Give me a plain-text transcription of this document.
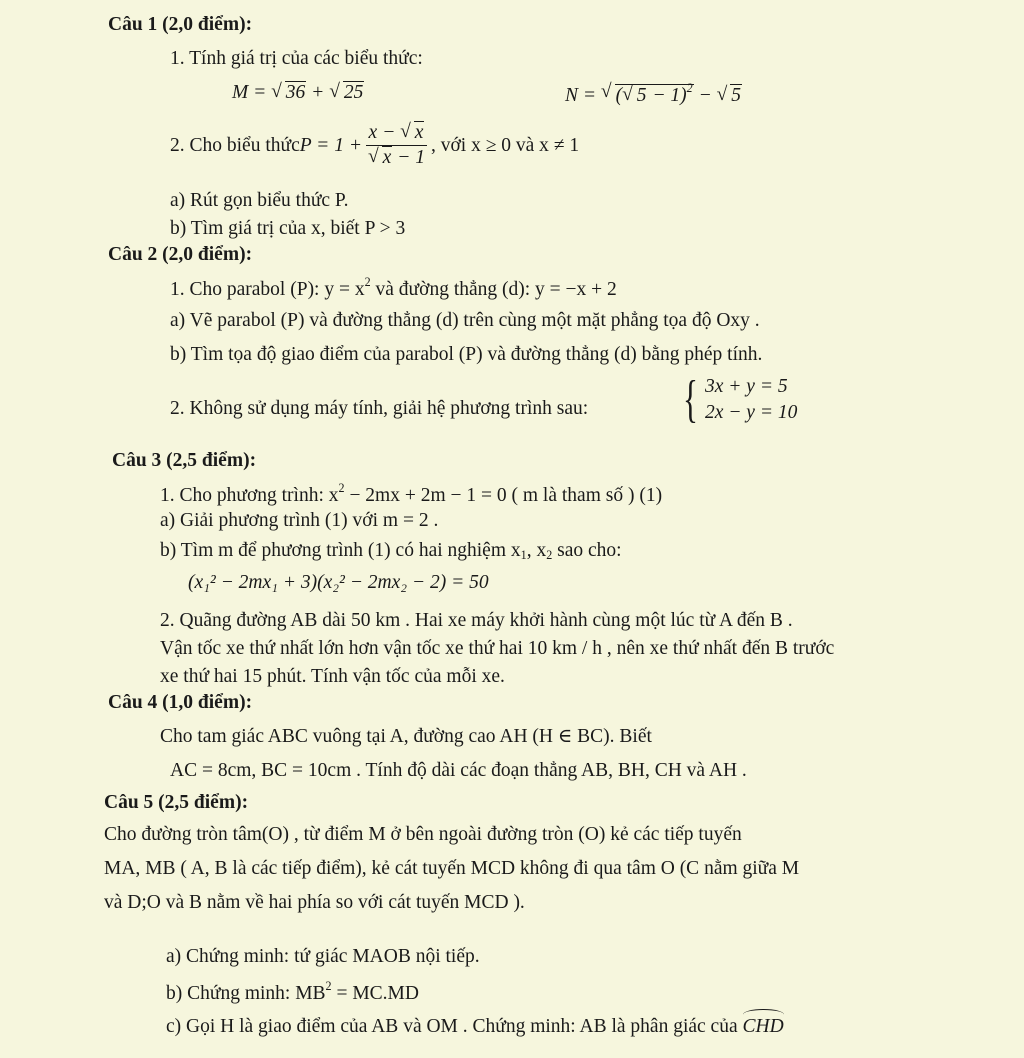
Câu 1 (2,0 điểm):
1. Tính giá trị của các biểu thức:
M = √ 36 + √ 25	N = √ (√ 5 − 1)$^2$ − √ 5
2. Cho biểu thức P = 1 + x − √ x
√ x − 1 , với x ≥ 0 và x ≠ 1
a) Rút gọn biểu thức P.
b) Tìm giá trị của x, biết P > 3
Câu 2 (2,0 điểm):
1. Cho parabol (P): $y = x^2$ và đường thẳng (d): y = −x + 2
a) Vẽ parabol (P) và đường thẳng (d) trên cùng một mặt phẳng tọa độ Oxy .
b) Tìm tọa độ giao điểm của parabol (P) và đường thẳng (d) bằng phép tính.
2. Không sử dụng máy tính, giải hệ phương trình sau: { 3x + y = 5
2x − y = 10
Câu 3 (2,5 điểm):
1. Cho phương trình: $x^2 - 2mx + 2m - 1 = 0$ ( m là tham số ) (1)
a) Giải phương trình (1) với m = 2 .
b) Tìm m để phương trình (1) có hai nghiệm $x_1$, $x_2$ sao cho:
(x₁² − 2mx₁ + 3)(x₂² − 2mx₂ − 2) = 50
2. Quãng đường AB dài 50 km . Hai xe máy khởi hành cùng một lúc từ A đến B .
Vận tốc xe thứ nhất lớn hơn vận tốc xe thứ hai 10 km / h , nên xe thứ nhất đến B trước
xe thứ hai 15 phút. Tính vận tốc của mỗi xe.
Câu 4 (1,0 điểm):
Cho tam giác ABC vuông tại A, đường cao AH (H ∈ BC). Biết
AC = 8cm, BC = 10cm . Tính độ dài các đoạn thẳng AB, BH, CH và AH .
Câu 5 (2,5 điểm):
Cho đường tròn tâm(O) , từ điểm M ở bên ngoài đường tròn (O) kẻ các tiếp tuyến
MA, MB ( A, B là các tiếp điểm), kẻ cát tuyến MCD không đi qua tâm O (C nằm giữa M
và D;O và B nằm về hai phía so với cát tuyến MCD ).
a) Chứng minh: tứ giác MAOB nội tiếp.
b) Chứng minh: $MB^2 = MC.MD$
c) Gọi H là giao điểm của AB và OM . Chứng minh: AB là phân giác của CHD
